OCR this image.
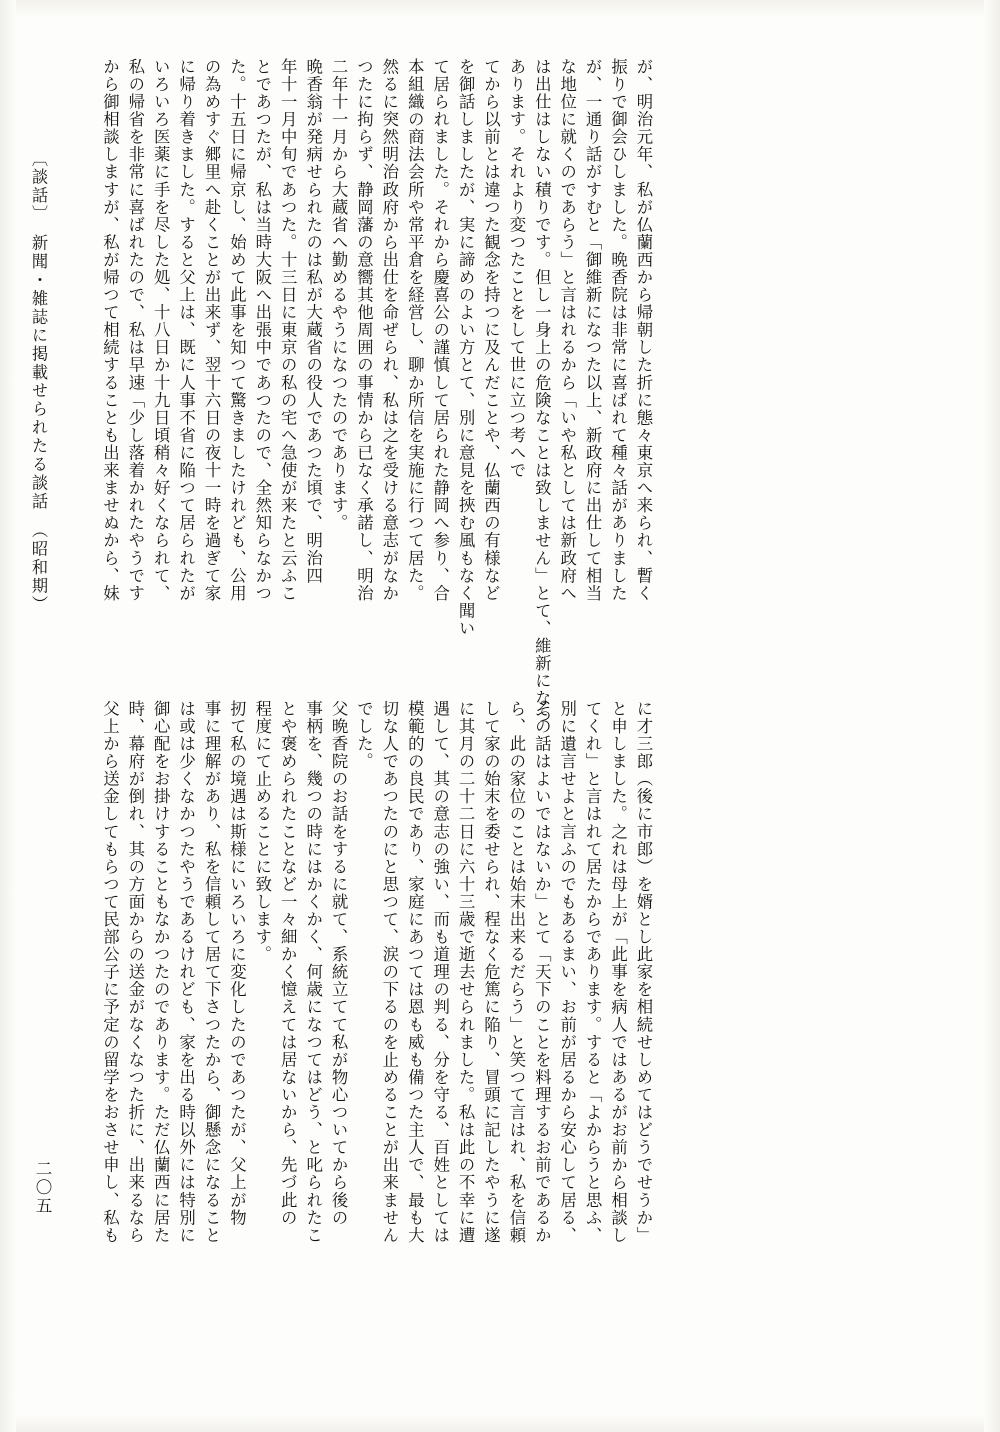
から御相談しますが、私が帰つて相続することも出来ませぬから、妹 私の帰省を非常に喜ばれたので、私は早速「少し落着かれたやうです いろいろ医薬に手を尽した処、十八日か十九日頃稍々好くなられて、 に帰り着きました。すると父上は、既に人事不省に陥つて居られたが の為めすぐ郷里へ赴くことが出来ず、翌十六日の夜十一時を過ぎて家 た。十五日に帰京し、始めて此事を知つて驚きましたけれども、公用 とであつたが、私は当時大阪へ出張中であつたので、全然知らなかつ 年十一月中旬であつた。十三日に東京の私の宅へ急使が来たと云ふこ 晩香翁が発病せられたのは私が大蔵省の役人であつた頃で、明治四 二年十一月から大蔵省へ勤めるやうになつたのであります。 つたに拘らず、静岡藩の意嚮其他周囲の事情から已なく承諾し、明治 然るに突然明治政府から出仕を命ぜられ、私は之を受ける意志がなか 本組織の商法会所や常平倉を経営し、聊か所信を実施に行つて居た。 て居られました。それから慶喜公の謹慎して居られた静岡へ参り、合 を御話しましたが、実に諦めのよい方とて、別に意見を挾む風もなく聞い てから以前とは違つた観念を持つに及んだことや、仏蘭西の有様など あります。それより変つたことをして世に立つ考へで は出仕はしない積りです。但し一身上の危険なことは致しません」とて、維新になつ な地位に就くのであらう」と言はれるから「いや私としては新政府へ が、一通り話がすむと「御維新になつた以上、新政府に出仕して相当 振りで御会ひしました。晩香院は非常に喜ばれて種々話がありました が、明治元年、私が仏蘭西から帰朝した折に態々東京へ来られ、暫く
〔談話〕　新聞・雑誌に掲載せられたる談話　（昭和期）
父上から送金してもらつて民部公子に予定の留学をおさせ申し、私も 時、幕府が倒れ、其の方面からの送金がなくなつた折に、出来るなら 御心配をお掛けすることもなかつたのであります。ただ仏蘭西に居た は或は少くなかつたやうであるけれども、家を出る時以外には特別に 事に理解があり、私を信頼して居て下さつたから、御懸念になること 扨て私の境遇は斯様にいろいろに変化したのであつたが、父上が物 程度にて止めることに致します。 とや褒められたことなど一々細かく憶えては居ないから、先づ此の 事柄を、幾つの時にはかくかく、何歳になつてはどう、と叱られたこ 父晩香院のお話をするに就て、系統立てて私が物心ついてから後の でした。 切な人であつたのにと思つて、涙の下るのを止めることが出来ません 模範的の良民であり、家庭にあつては恩も威も備つた主人で、最も大 遇して、其の意志の強い、而も道理の判る、分を守る、百姓としては に其月の二十二日に六十三歳で逝去せられました。私は此の不幸に遭 して家の始末を委せられ、程なく危篤に陥り、冒頭に記したやうに遂 ら、此の家位のことは始末出来るだらう」と笑つて言はれ、私を信頼 その話はよいではないか」とて「天下のことを料理するお前であるか 別に遺言せよと言ふのでもあるまい、お前が居るから安心して居る、 てくれ」と言はれて居たからであります。すると「よからうと思ふ、 と申しました。之れは母上が「此事を病人ではあるがお前から相談し に才三郎（後に市郎）を婿とし此家を相続せしめてはどうでせうか」
二〇五
